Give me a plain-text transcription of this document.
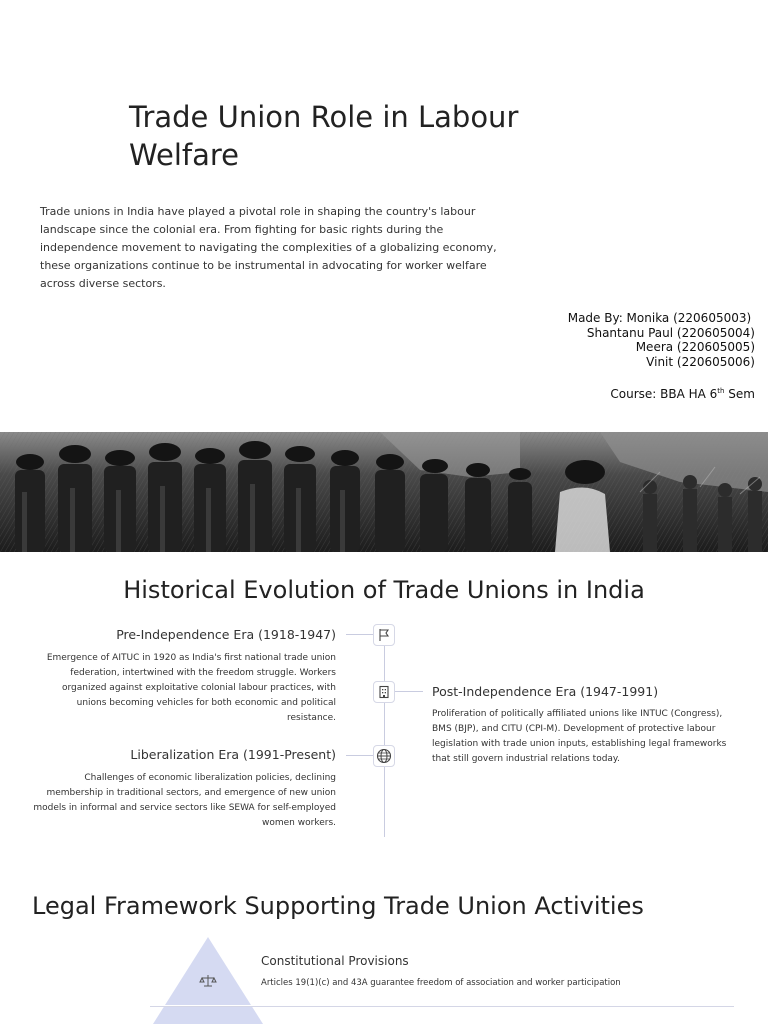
Trade Union Role in Labour Welfare

Trade unions in India have played a pivotal role in shaping the country's labour landscape since the colonial era. From fighting for basic rights during the independence movement to navigating the complexities of a globalizing economy, these organizations continue to be instrumental in advocating for worker welfare across diverse sectors.

Made By: Monika (220605003)
Shantanu Paul (220605004)
Meera (220605005)
Vinit (220605006)
Course: BBA HA 6th Sem
Historical Evolution of Trade Unions in India
Pre-Independence Era (1918-1947)

Emergence of AITUC in 1920 as India's first national trade union federation, intertwined with the freedom struggle. Workers organized against exploitative colonial labour practices, with unions becoming vehicles for both economic and political resistance.

Post-Independence Era (1947-1991)

Proliferation of politically affiliated unions like INTUC (Congress), BMS (BJP), and CITU (CPI-M). Development of protective labour legislation with trade union inputs, establishing legal frameworks that still govern industrial relations today.

Liberalization Era (1991-Present)

Challenges of economic liberalization policies, declining membership in traditional sectors, and emergence of new union models in informal and service sectors like SEWA for self-employed women workers.

Legal Framework Supporting Trade Union Activities
Constitutional Provisions
Articles 19(1)(c) and 43A guarantee freedom of association and worker participation
